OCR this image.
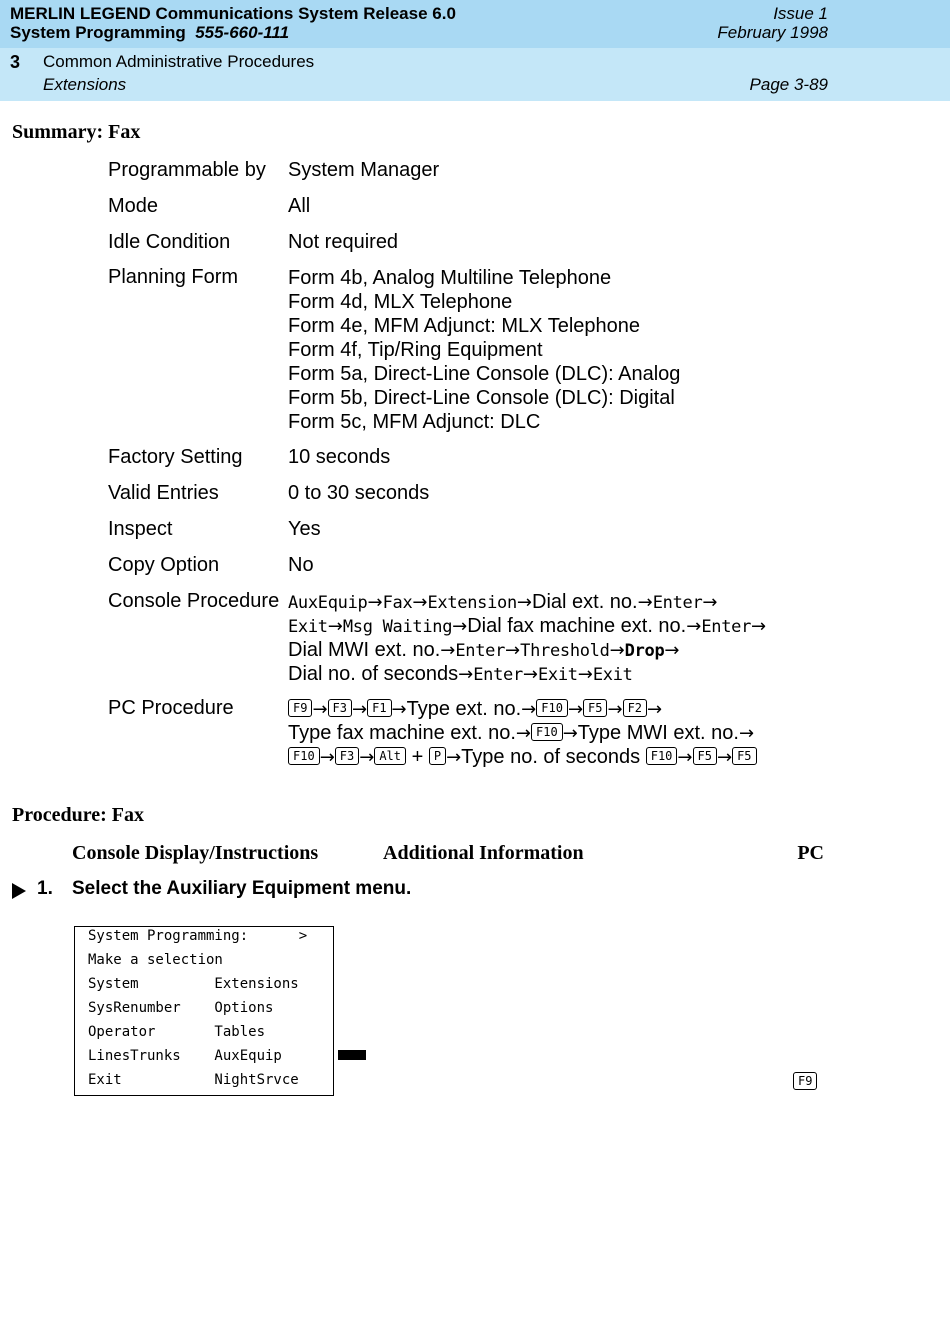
MERLIN LEGEND Communications System Release 6.0
System Programming 555-660-111
Issue 1
February 1998
3 Common Administrative Procedures
Extensions	Page 3-89
Summary: Fax
Programmable by System Manager
Mode	All
Idle Condition	Not required
Planning Form Form 4b, Analog Multiline Telephone
Form 4d, MLX Telephone
Form 4e, MFM Adjunct: MLX Telephone
Form 4f, Tip/Ring Equipment
Form 5a, Direct-Line Console (DLC): Analog
Form 5b, Direct-Line Console (DLC): Digital
Form 5c, MFM Adjunct: DLC
Factory Setting 10 seconds
Valid Entries	0 to 30 seconds
Inspect	Yes
Copy Option	No
Console Procedure AuxEquip→Fax→Extension→Dial ext. no.→Enter→
Exit→Msg Waiting→Dial fax machine ext. no.→Enter→
Dial MWI ext. no.→Enter→Threshold→Drop→
Dial no. of seconds→Enter→Exit→Exit
PC Procedure	F9 → F3 → F1 →Type ext. no.→ F10 → F5 → F2 →
Type fax machine ext. no.→ F10 →Type MWI ext. no.→
F10 → F3 → Alt + P →Type no. of seconds F10 → F5 → F5
Procedure: Fax
Console Display/Instructions	Additional Information	PC
1. Select the Auxiliary Equipment menu.
System Programming:      >
Make a selection
System         Extensions
SysRenumber    Options
Operator       Tables
LinesTrunks    AuxEquip
Exit           NightSrvce	F9
